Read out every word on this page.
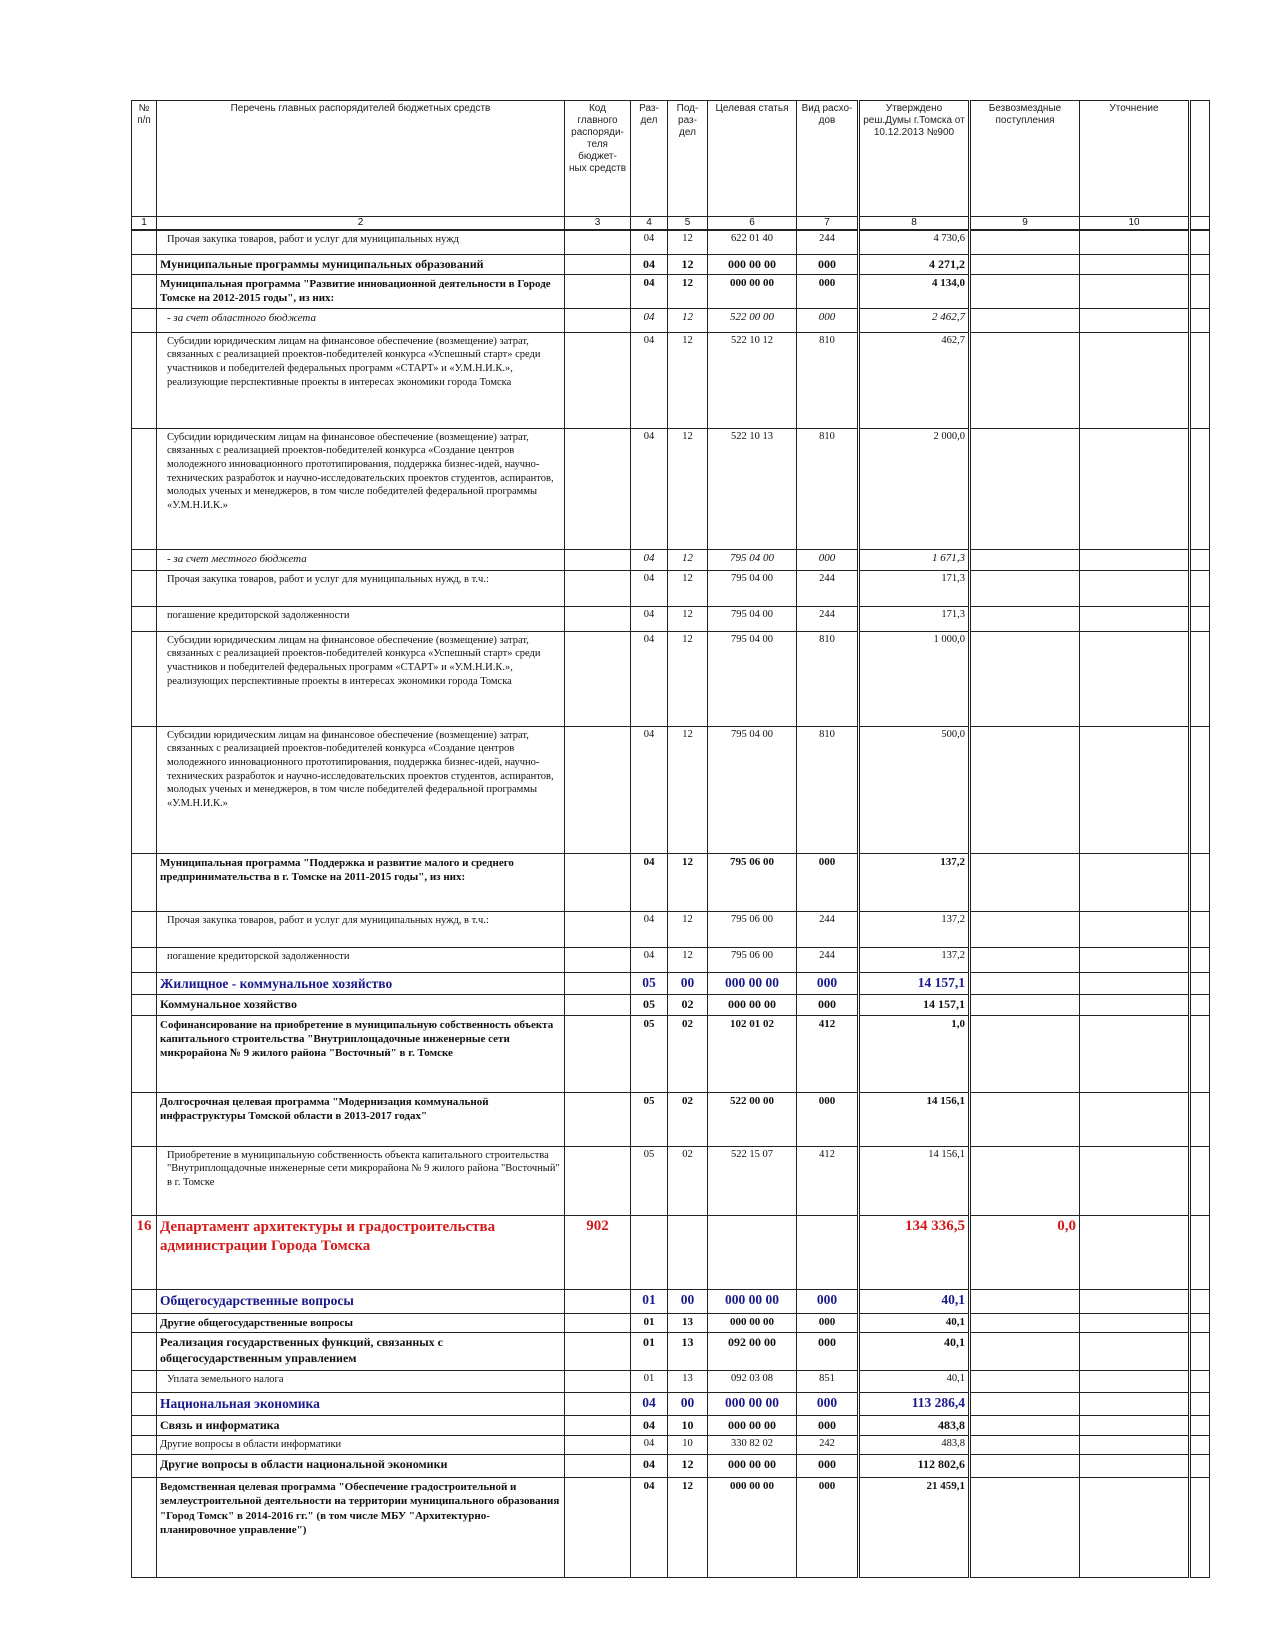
№ п/п	Перечень главных распорядителей бюджетных средств	Код главного распоряди- теля бюджет- ных средств	Раз- дел	Под- раз- дел	Целевая статья	Вид расхо- дов	Утверждено реш.Думы г.Томска от 10.12.2013 №900	Безвозмездные поступления	Уточнение	
1	2	3	4	5	6	7	8	9	10	
	Прочая закупка товаров, работ и услуг для муниципальных нужд		04	12	622 01 40	244	4 730,6			
	Муниципальные программы муниципальных образований		04	12	000 00 00	000	4 271,2			
	Муниципальная программа "Развитие инновационной деятельности в Городе Томске на 2012-2015 годы", из них:		04	12	000 00 00	000	4 134,0			
	- за счет областного бюджета		04	12	522 00 00	000	2 462,7			
	Субсидии юридическим лицам на финансовое обеспечение (возмещение) затрат, связанных с реализацией проектов-победителей конкурса «Успешный старт» среди участников и победителей федеральных программ «СТАРТ» и «У.М.Н.И.К.», реализующие перспективные проекты в интересах экономики города Томска		04	12	522 10 12	810	462,7			
	Субсидии юридическим лицам на финансовое обеспечение (возмещение) затрат, связанных с реализацией проектов-победителей конкурса «Создание центров молодежного инновационного прототипирования, поддержка бизнес-идей, научно-технических разработок и научно-исследовательских проектов студентов, аспирантов, молодых ученых и менеджеров, в том числе победителей федеральной программы «У.М.Н.И.К.»		04	12	522 10 13	810	2 000,0			
	- за счет местного бюджета		04	12	795 04 00	000	1 671,3			
	Прочая закупка товаров, работ и услуг для муниципальных нужд, в т.ч.:		04	12	795 04 00	244	171,3			
	погашение кредиторской задолженности		04	12	795 04 00	244	171,3			
	Субсидии юридическим лицам на финансовое обеспечение (возмещение) затрат, связанных с реализацией проектов-победителей конкурса «Успешный старт» среди участников и победителей федеральных программ «СТАРТ» и «У.М.Н.И.К.», реализующих перспективные проекты в интересах экономики города Томска		04	12	795 04 00	810	1 000,0			
	Субсидии юридическим лицам на финансовое обеспечение (возмещение) затрат, связанных с реализацией проектов-победителей конкурса «Создание центров молодежного инновационного прототипирования, поддержка бизнес-идей, научно-технических разработок и научно-исследовательских проектов студентов, аспирантов, молодых ученых и менеджеров, в том числе победителей федеральной программы «У.М.Н.И.К.»		04	12	795 04 00	810	500,0			
	Муниципальная программа "Поддержка и развитие малого и среднего предпринимательства в г. Томске на 2011-2015 годы", из них:		04	12	795 06 00	000	137,2			
	Прочая закупка товаров, работ и услуг для муниципальных нужд, в т.ч.:		04	12	795 06 00	244	137,2			
	погашение кредиторской задолженности		04	12	795 06 00	244	137,2			
	Жилищное - коммунальное хозяйство		05	00	000 00 00	000	14 157,1			
	Коммунальное хозяйство		05	02	000 00 00	000	14 157,1			
	Софинансирование на приобретение в муниципальную собственность объекта капитального строительства "Внутриплощадочные инженерные сети микрорайона № 9 жилого района "Восточный" в г. Томске		05	02	102 01 02	412	1,0			
	Долгосрочная целевая программа "Модернизация коммунальной инфраструктуры Томской области в 2013-2017 годах"		05	02	522 00 00	000	14 156,1			
	Приобретение в муниципальную собственность объекта капитального строительства "Внутриплощадочные инженерные сети микрорайона № 9 жилого района "Восточный" в г. Томске		05	02	522 15 07	412	14 156,1			
16	Департамент архитектуры и градостроительства администрации Города Томска	902					134 336,5	0,0		
	Общегосударственные вопросы		01	00	000 00 00	000	40,1			
	Другие общегосударственные вопросы		01	13	000 00 00	000	40,1			
	Реализация государственных функций, связанных с общегосударственным управлением		01	13	092 00 00	000	40,1			
	Уплата земельного налога		01	13	092 03 08	851	40,1			
	Национальная экономика		04	00	000 00 00	000	113 286,4			
	Связь и информатика		04	10	000 00 00	000	483,8			
	Другие вопросы в области информатики		04	10	330 82 02	242	483,8			
	Другие вопросы в области национальной экономики		04	12	000 00 00	000	112 802,6			
	Ведомственная целевая программа "Обеспечение градостроительной и землеустроительной деятельности на территории муниципального образования "Город Томск" в 2014-2016 гг." (в том числе МБУ "Архитектурно-планировочное управление")		04	12	000 00 00	000	21 459,1			
